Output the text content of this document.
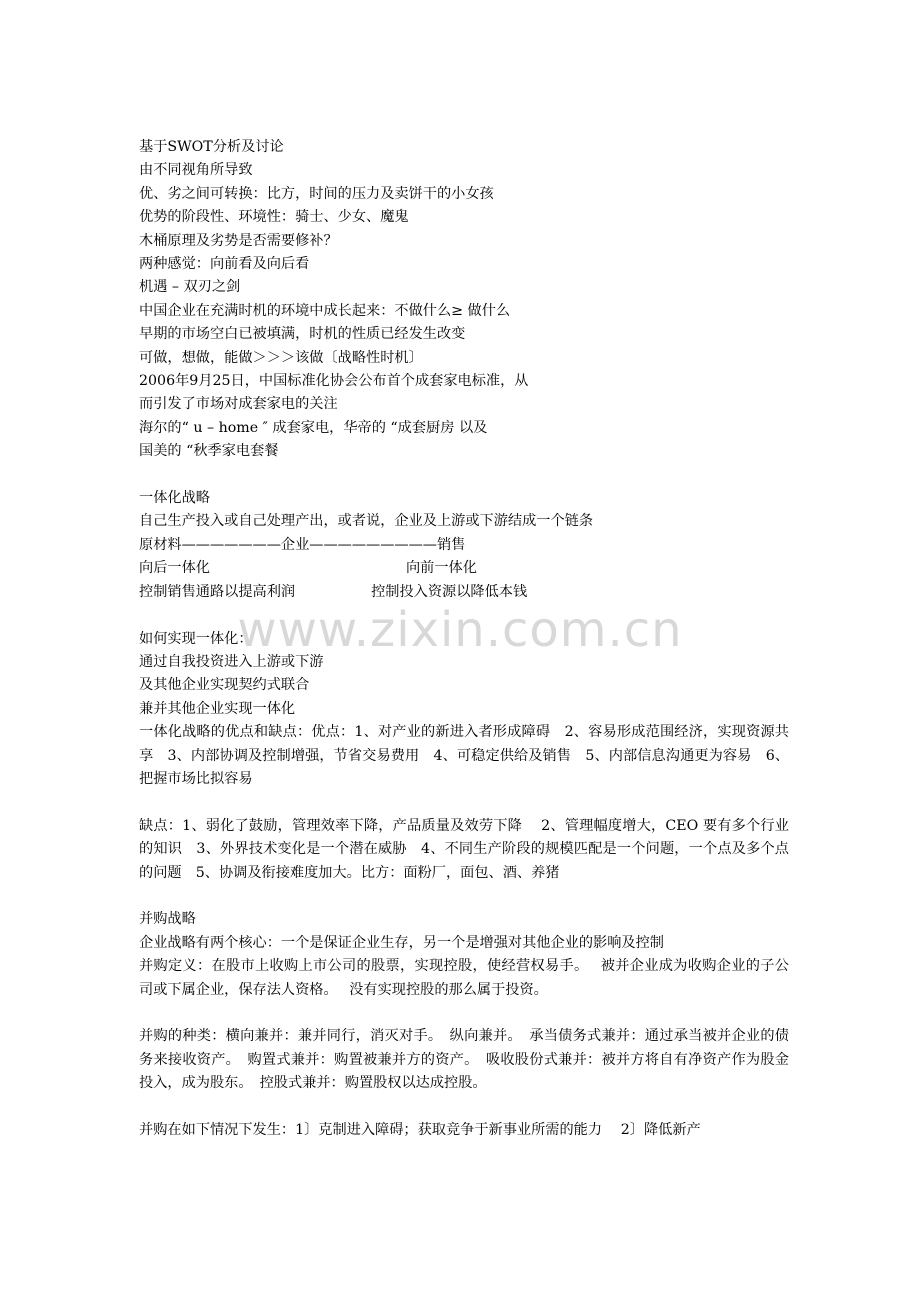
www.zixin.com.cn

基于SWOT分析及讨论

由不同视角所导致

优、劣之间可转换：比方，时间的压力及卖饼干的小女孩

优势的阶段性、环境性：骑士、少女、魔鬼

木桶原理及劣势是否需要修补？

两种感觉：向前看及向后看

机遇 – 双刃之剑

中国企业在充满时机的环境中成长起来：不做什么≥ 做什么

早期的市场空白已被填满，时机的性质已经发生改变

可做，想做，能做＞＞＞该做〔战略性时机〕

2006年9月25日，中国标准化协会公布首个成套家电标准，从

而引发了市场对成套家电的关注

海尔的“ u – home ″ 成套家电，华帝的 “成套厨房 以及

国美的 “秋季家电套餐

一体化战略

自己生产投入或自己处理产出，或者说，企业及上游或下游结成一个链条

原材料———————企业—————————销售

向后一体化	向前一体化

控制销售通路以提高利润	控制投入资源以降低本钱

如何实现一体化：

通过自我投资进入上游或下游

及其他企业实现契约式联合

兼并其他企业实现一体化

一体化战略的优点和缺点：优点：1、对产业的新进入者形成障碍　2、容易形成范围经济，实现资源共享　3、内部协调及控制增强，节省交易费用　4、可稳定供给及销售　5、内部信息沟通更为容易　6、把握市场比拟容易

缺点：1、弱化了鼓励，管理效率下降，产品质量及效劳下降　 2、管理幅度增大，CEO 要有多个行业的知识　3、外界技术变化是一个潜在威胁　4、不同生产阶段的规模匹配是一个问题，一个点及多个点的问题　5、协调及衔接难度加大。比方：面粉厂，面包、酒、养猪

并购战略

企业战略有两个核心：一个是保证企业生存，另一个是增强对其他企业的影响及控制

并购定义：在股市上收购上市公司的股票，实现控股，使经营权易手。　 被并企业成为收购企业的子公司或下属企业，保存法人资格。　 没有实现控股的那么属于投资。

并购的种类：横向兼并：兼并同行，消灭对手。　纵向兼并。　承当债务式兼并：通过承当被并企业的债务来接收资产。　购置式兼并：购置被兼并方的资产。　吸收股份式兼并：被并方将自有净资产作为股金投入，成为股东。　控股式兼并：购置股权以达成控股。

并购在如下情况下发生：1〕克制进入障碍；获取竞争于新事业所需的能力　 2〕降低新产
